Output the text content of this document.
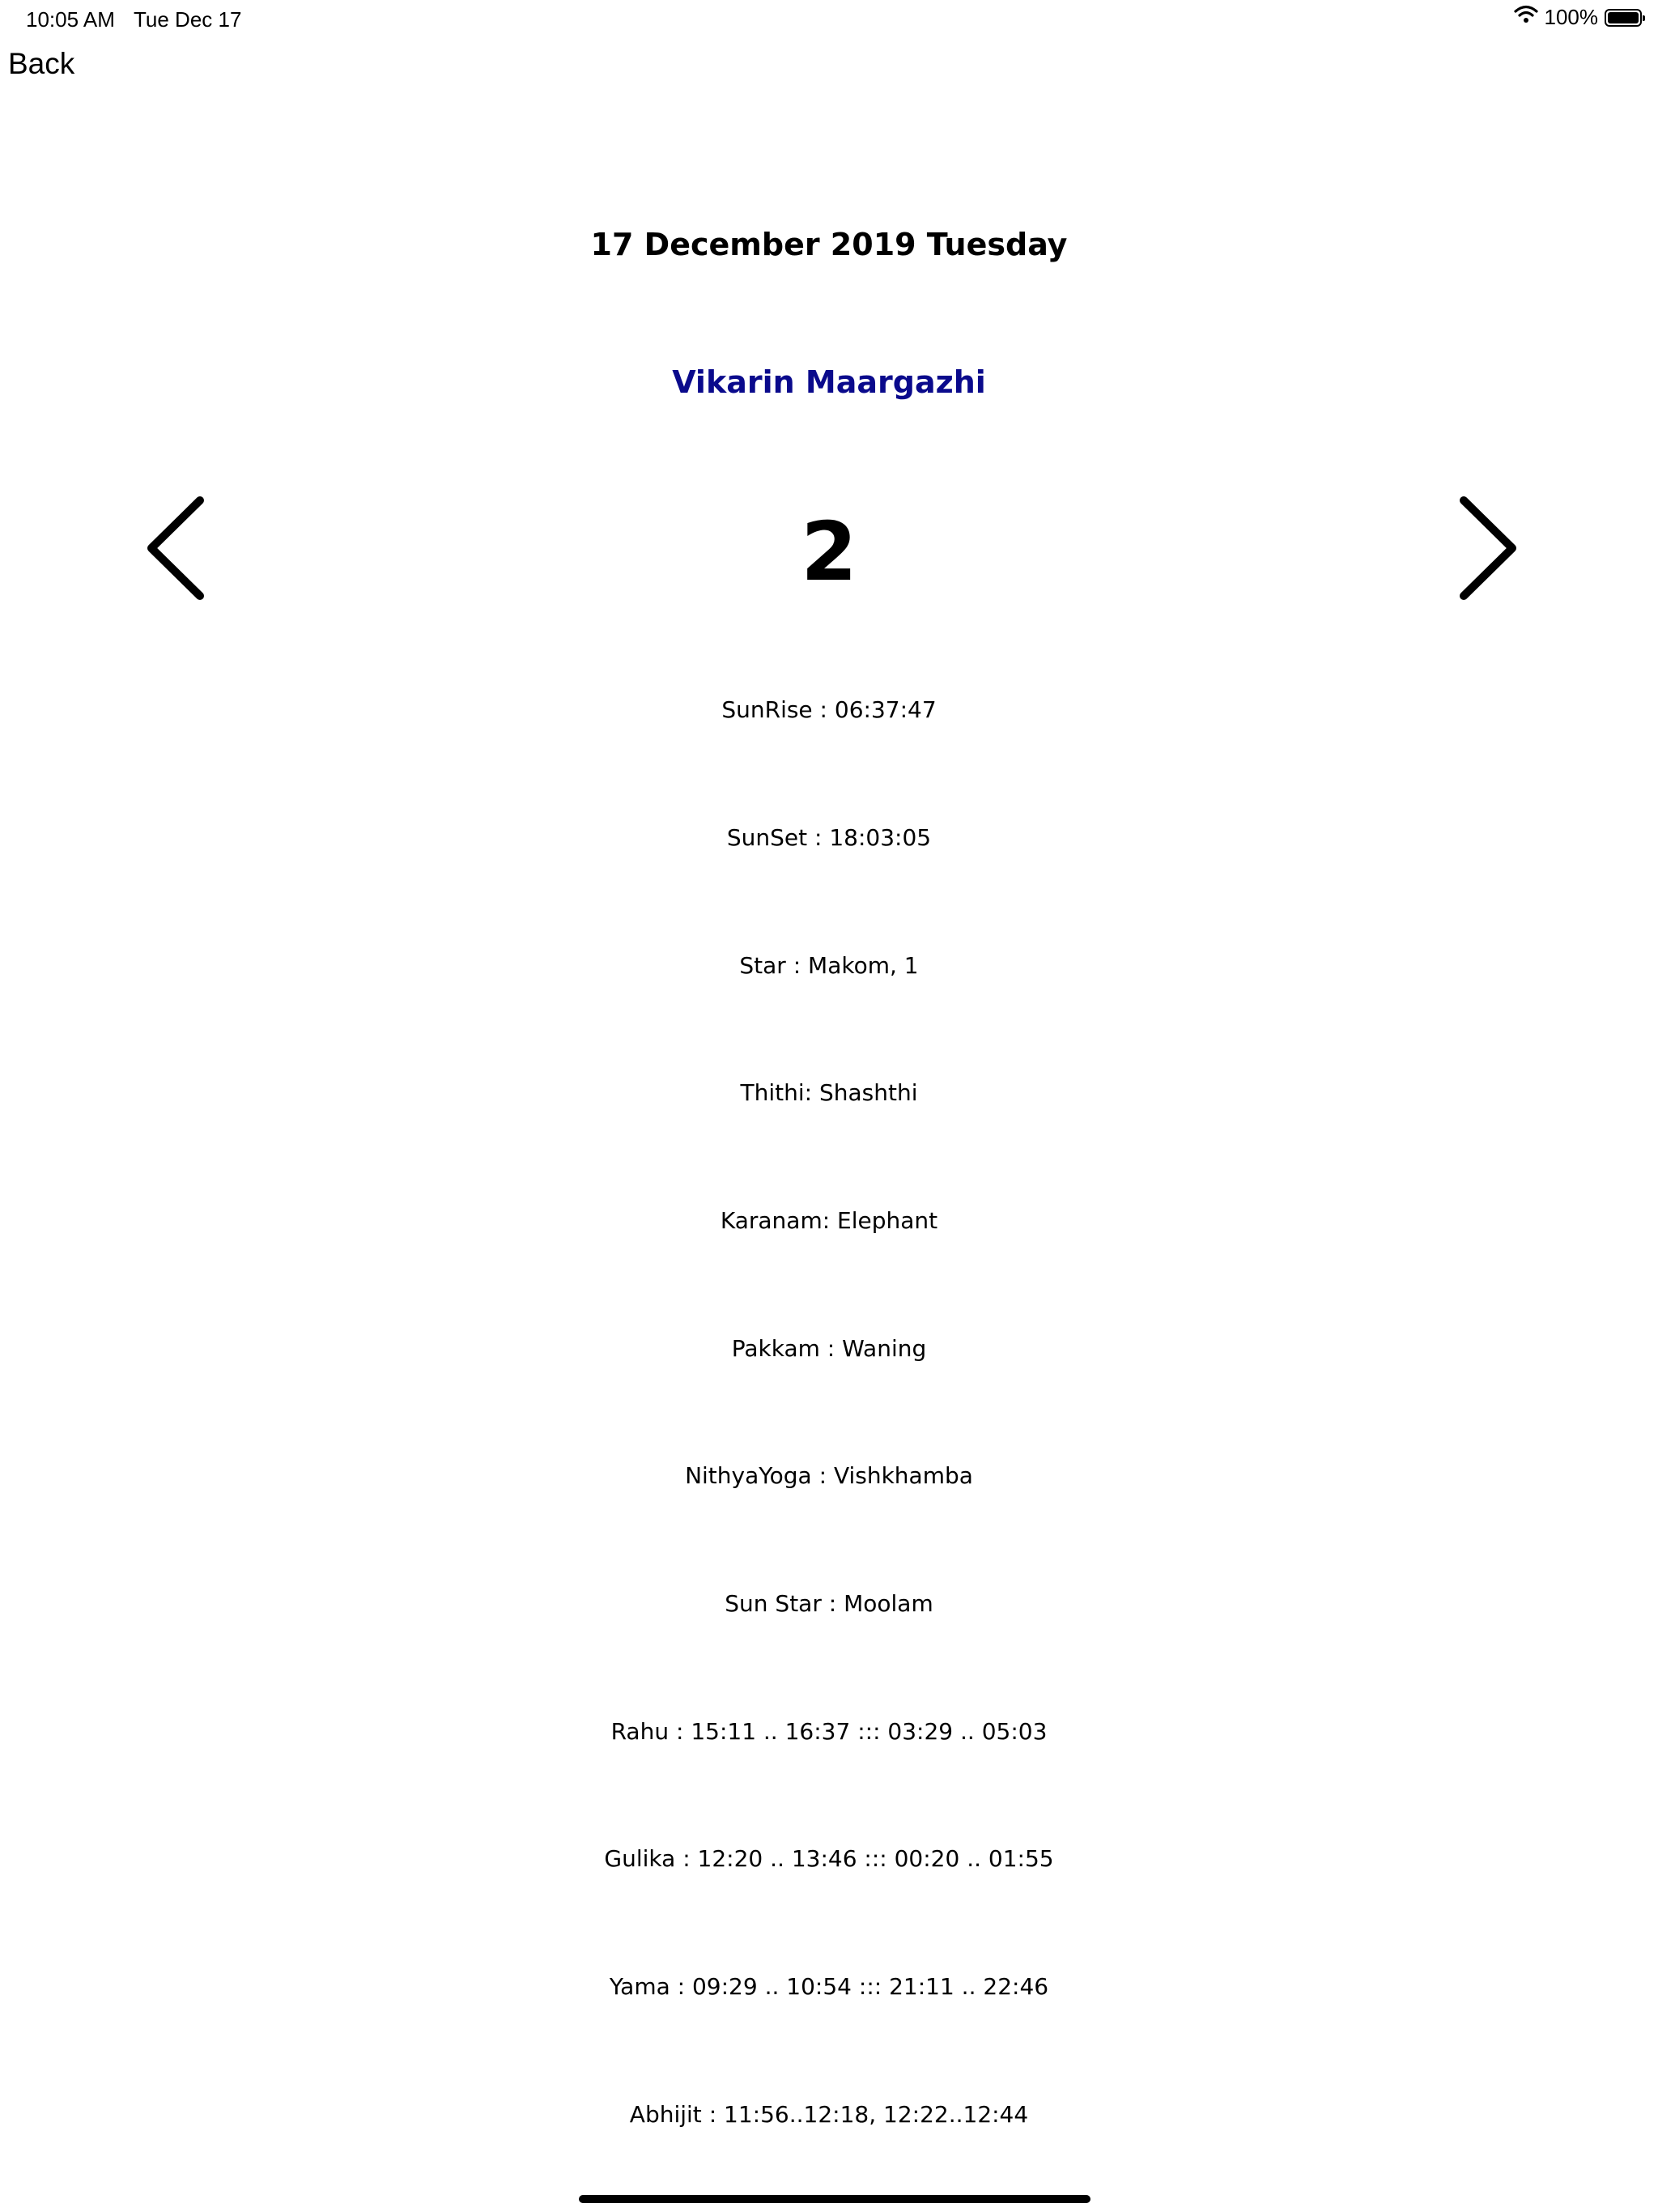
10:05 AM Tue Dec 17	100%
Back
17 December 2019 Tuesday
Vikarin Maargazhi
2
SunRise : 06:37:47
SunSet : 18:03:05
Star : Makom, 1
Thithi: Shashthi
Karanam: Elephant
Pakkam : Waning
NithyaYoga : Vishkhamba
Sun Star : Moolam
Rahu : 15:11 .. 16:37 ::: 03:29 .. 05:03
Gulika : 12:20 .. 13:46 ::: 00:20 .. 01:55
Yama : 09:29 .. 10:54 ::: 21:11 .. 22:46
Abhijit : 11:56..12:18, 12:22..12:44
